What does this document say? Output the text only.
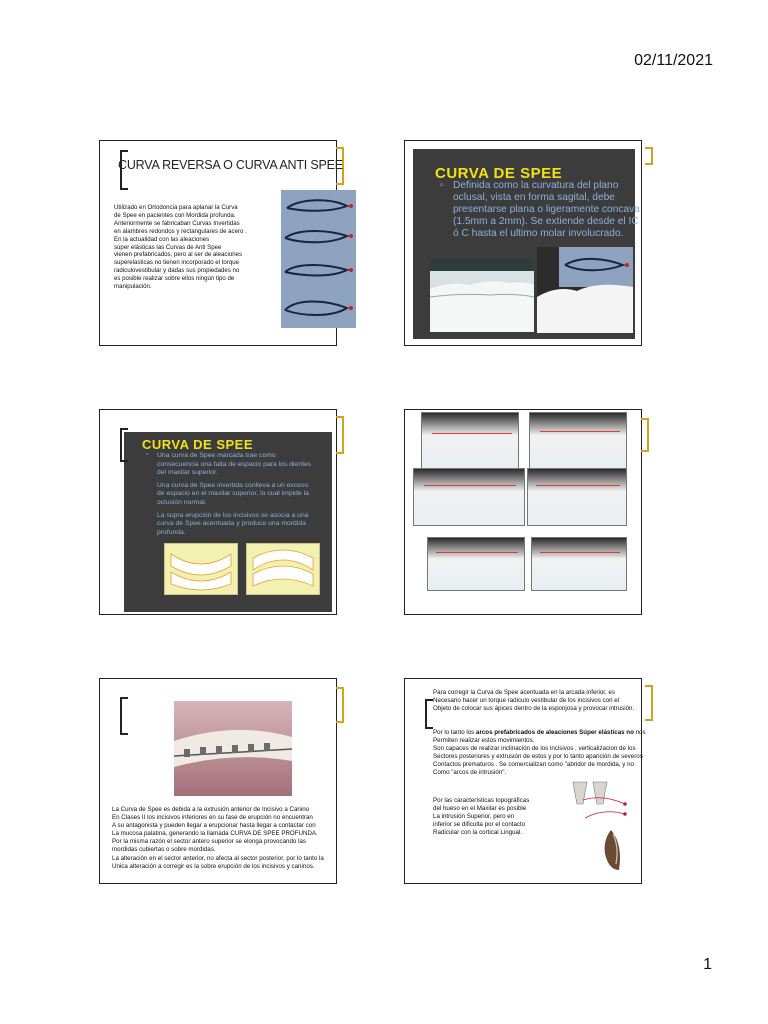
02/11/2021
CURVA REVERSA O CURVA ANTI SPEE

Utilizado en Ortodoncia para aplanar la Curva
de Spee en pacientes con Mordida profunda.
Anteriormente se fabricaban Curvas Invertidas
en alambres redondos y rectangulares de acero .
En la actualidad con las aleaciones
súper elásticas las Curvas de Anti Spee
vienen prefabricados, pero al ser de aleaciones
superelasticas no tienen incorporado el torque
radiculovestibular y dadas sus propiedades no
es posible realizar sobre ellos ningún tipo de
manipulación.

CURVA DE SPEE
▫ Definida como la curvatura del plano
oclusal, vista en forma sagital, debe
presentarse plana o ligeramente concava
(1.5mm a 2mm). Se extiende desde el IC
ó C hasta el ultimo molar involucrado.

CURVA DE SPEE
▫ Una curva de Spee marcada trae como
consecuencia una falta de espacio para los dientes
del maxilar superior.
Una curva de Spee invertida conlleva a un exceso
de espacio en el maxilar superior, lo cual impide la
oclusión normal.
La supra erupción de los incisivos se asocia a una
curva de Spee acentuada y produce una mordida
profunda.

La Curva de Spee es debida a la extrusión anterior de Incisivo a Canino
En Clases II los incisivos inferiores en su fase de erupción no encuentran
A su antagonista y pueden llegar a erupcionar hasta llegar a contactar con
La mucosa palatina, generando la llamada CURVA DE SPEE PROFUNDA.
Por la misma razón el sector antero superior se elonga provocando las
mordidas cubiertas o sobre mordidas.
La alteración en el sector anterior, no afecta al sector posterior, por lo tanto la
Unica alteración a corregir es la sobre erupción de los incisivos y caninos.

Para corregir la Curva de Spee acentuada en la arcada inferior, es
Necesario hacer un torque radiculo vestibular de los incisivos con el
Objeto de colocar sus ápices dentro de la esponjosa y provocar intrusión.

Por lo tanto los arcos prefabricados de aleaciones Súper elásticas no nos
Permiten realizar estos movimientos.
Son capaces de realizar inclinación de los incisivos , verticalizacion de los
Sectores posteriores y extrusión de estos y por lo tanto aparición de severos
Contactos prematuros . Se comercializan como "abridor de mordida, y no
Como "arcos de intrusión".

Por las características topográficas
del hueso en el Maxilar es posible
La intrusión Superior, pero en
inferior se dificulta por el contacto
Radicular con la cortical Lingual.

1
